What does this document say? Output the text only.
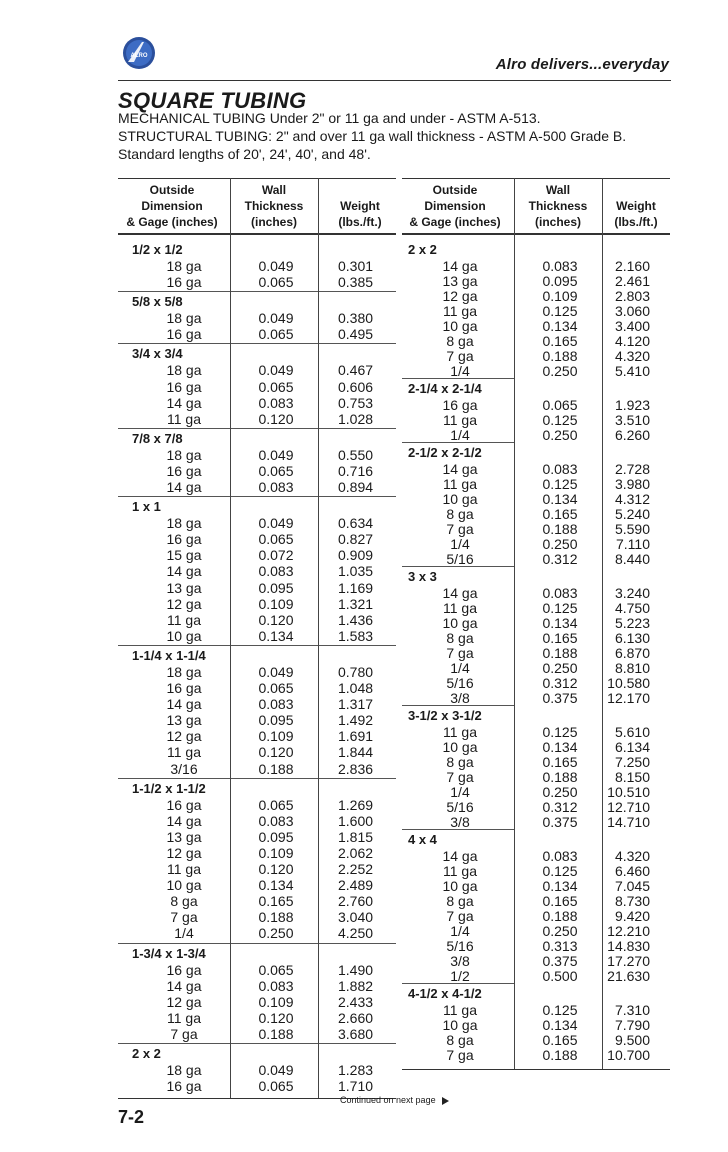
ALRO	Alro delivers...everyday
SQUARE TUBING
MECHANICAL TUBING Under 2" or 11 ga and under - ASTM A-513.
STRUCTURAL TUBING: 2" and over 11 ga wall thickness - ASTM A-500 Grade B.
Standard lengths of 20', 24', 40', and 48'.
Outside
Dimension
& Gage (inches)
Wall
Thickness
(inches)
Weight
(lbs./ft.)
1/2 x 1/2
18 ga	0.049	0.301
16 ga	0.065	0.385
5/8 x 5/8
18 ga	0.049	0.380
16 ga	0.065	0.495
3/4 x 3/4
18 ga	0.049	0.467
16 ga	0.065	0.606
14 ga	0.083	0.753
11 ga	0.120	1.028
7/8 x 7/8
18 ga	0.049	0.550
16 ga	0.065	0.716
14 ga	0.083	0.894
1 x 1
18 ga	0.049	0.634
16 ga	0.065	0.827
15 ga	0.072	0.909
14 ga	0.083	1.035
13 ga	0.095	1.169
12 ga	0.109	1.321
11 ga	0.120	1.436
10 ga	0.134	1.583
1-1/4 x 1-1/4
18 ga	0.049	0.780
16 ga	0.065	1.048
14 ga	0.083	1.317
13 ga	0.095	1.492
12 ga	0.109	1.691
11 ga	0.120	1.844
3/16	0.188	2.836
1-1/2 x 1-1/2
16 ga	0.065	1.269
14 ga	0.083	1.600
13 ga	0.095	1.815
12 ga	0.109	2.062
11 ga	0.120	2.252
10 ga	0.134	2.489
8 ga	0.165	2.760
7 ga	0.188	3.040
1/4	0.250	4.250
1-3/4 x 1-3/4
16 ga	0.065	1.490
14 ga	0.083	1.882
12 ga	0.109	2.433
11 ga	0.120	2.660
7 ga	0.188	3.680
2 x 2
18 ga	0.049	1.283
16 ga	0.065	1.710
Outside
Dimension
& Gage (inches)
Wall
Thickness
(inches)
Weight
(lbs./ft.)
2 x 2
14 ga	0.083	2.160
13 ga	0.095	2.461
12 ga	0.109	2.803
11 ga	0.125	3.060
10 ga	0.134	3.400
8 ga	0.165	4.120
7 ga	0.188	4.320
1/4	0.250	5.410
2-1/4 x 2-1/4
16 ga	0.065	1.923
11 ga	0.125	3.510
1/4	0.250	6.260
2-1/2 x 2-1/2
14 ga	0.083	2.728
11 ga	0.125	3.980
10 ga	0.134	4.312
8 ga	0.165	5.240
7 ga	0.188	5.590
1/4	0.250	7.110
5/16	0.312	8.440
3 x 3
14 ga	0.083	3.240
11 ga	0.125	4.750
10 ga	0.134	5.223
8 ga	0.165	6.130
7 ga	0.188	6.870
1/4	0.250	8.810
5/16	0.312	10.580
3/8	0.375	12.170
3-1/2 x 3-1/2
11 ga	0.125	5.610
10 ga	0.134	6.134
8 ga	0.165	7.250
7 ga	0.188	8.150
1/4	0.250	10.510
5/16	0.312	12.710
3/8	0.375	14.710
4 x 4
14 ga	0.083	4.320
11 ga	0.125	6.460
10 ga	0.134	7.045
8 ga	0.165	8.730
7 ga	0.188	9.420
1/4	0.250	12.210
5/16	0.313	14.830
3/8	0.375	17.270
1/2	0.500	21.630
4-1/2 x 4-1/2
11 ga	0.125	7.310
10 ga	0.134	7.790
8 ga	0.165	9.500
7 ga	0.188	10.700
Continued on next page
7-2
